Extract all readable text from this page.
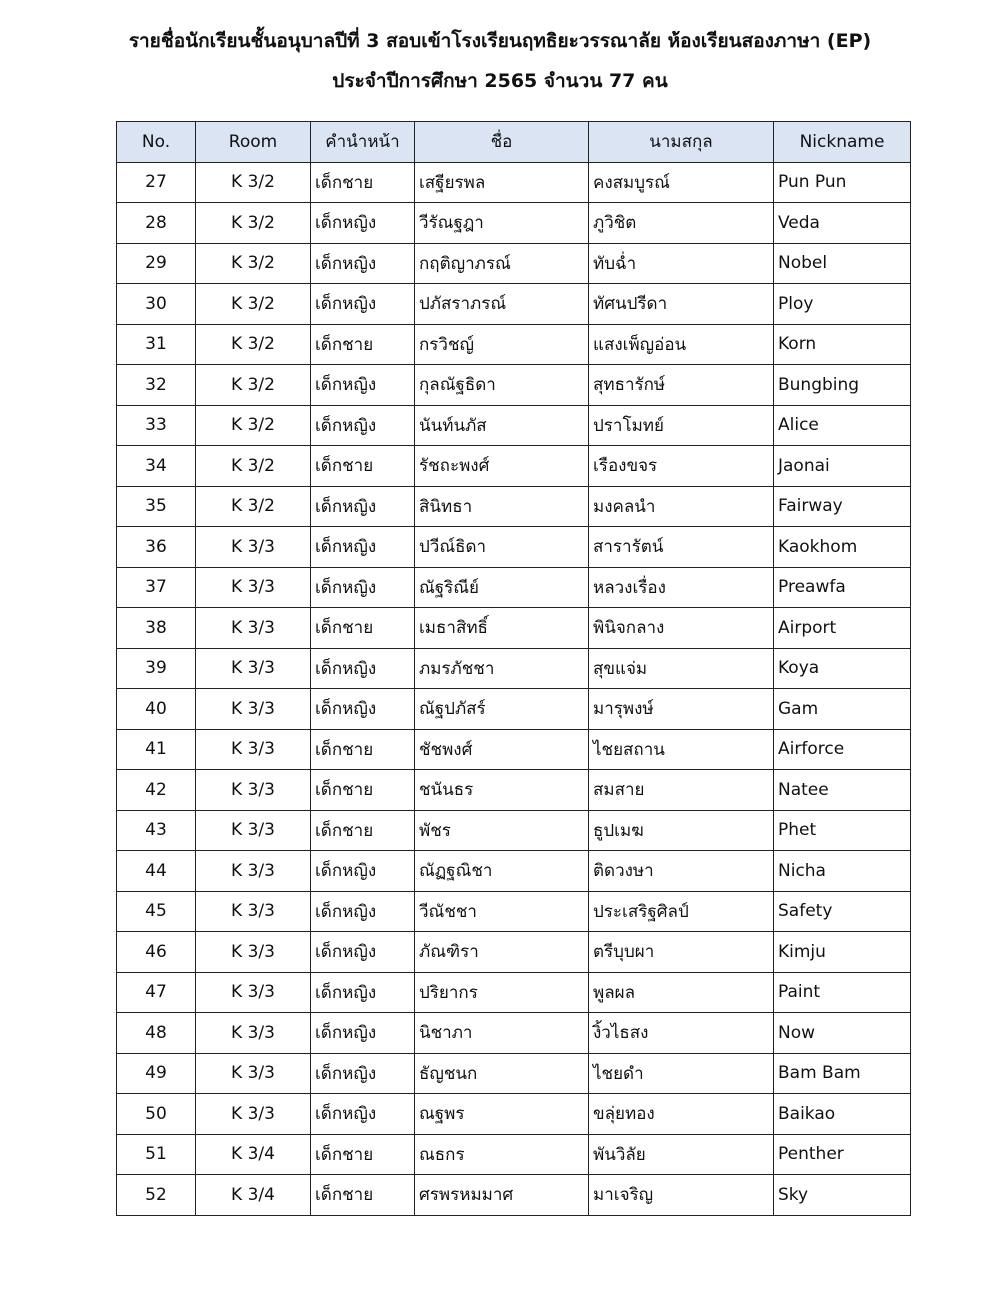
รายชื่อนักเรียนชั้นอนุบาลปีที่ 3 สอบเข้าโรงเรียนฤทธิยะวรรณาลัย ห้องเรียนสองภาษา (EP)
ประจำปีการศึกษา 2565 จำนวน 77 คน
No.	Room	คำนำหน้า	ชื่อ	นามสกุล	Nickname
27	K 3/2	เด็กชาย	เสฐียรพล	คงสมบูรณ์	Pun Pun
28	K 3/2	เด็กหญิง	วีรัณฐฎา	ภูวิชิต	Veda
29	K 3/2	เด็กหญิง	กฤติญาภรณ์	ทับฉ่ำ	Nobel
30	K 3/2	เด็กหญิง	ปภัสราภรณ์	ทัศนปรีดา	Ploy
31	K 3/2	เด็กชาย	กรวิชญ์	แสงเพ็ญอ่อน	Korn
32	K 3/2	เด็กหญิง	กุลณัฐธิดา	สุทธารักษ์	Bungbing
33	K 3/2	เด็กหญิง	นันท์นภัส	ปราโมทย์	Alice
34	K 3/2	เด็กชาย	รัชถะพงศ์	เรืองขจร	Jaonai
35	K 3/2	เด็กหญิง	สินิทธา	มงคลนำ	Fairway
36	K 3/3	เด็กหญิง	ปวีณ์ธิดา	สารารัตน์	Kaokhom
37	K 3/3	เด็กหญิง	ณัฐริณีย์	หลวงเรื่อง	Preawfa
38	K 3/3	เด็กชาย	เมธาสิทธิ์	พินิจกลาง	Airport
39	K 3/3	เด็กหญิง	ภมรภัชชา	สุขแจ่ม	Koya
40	K 3/3	เด็กหญิง	ณัฐปภัสร์	มารุพงษ์	Gam
41	K 3/3	เด็กชาย	ชัชพงศ์	ไชยสถาน	Airforce
42	K 3/3	เด็กชาย	ชนันธร	สมสาย	Natee
43	K 3/3	เด็กชาย	พัชร	ธูปเมฆ	Phet
44	K 3/3	เด็กหญิง	ณัฏฐณิชา	ติดวงษา	Nicha
45	K 3/3	เด็กหญิง	วีณัชชา	ประเสริฐศิลป์	Safety
46	K 3/3	เด็กหญิง	ภัณฑิรา	ตรีบุบผา	Kimju
47	K 3/3	เด็กหญิง	ปริยากร	พูลผล	Paint
48	K 3/3	เด็กหญิง	นิชาภา	งิ้วไธสง	Now
49	K 3/3	เด็กหญิง	ธัญชนก	ไชยดำ	Bam Bam
50	K 3/3	เด็กหญิง	ณฐพร	ขลุ่ยทอง	Baikao
51	K 3/4	เด็กชาย	ณธกร	พันวิลัย	Penther
52	K 3/4	เด็กชาย	ศรพรหมมาศ	มาเจริญ	Sky
